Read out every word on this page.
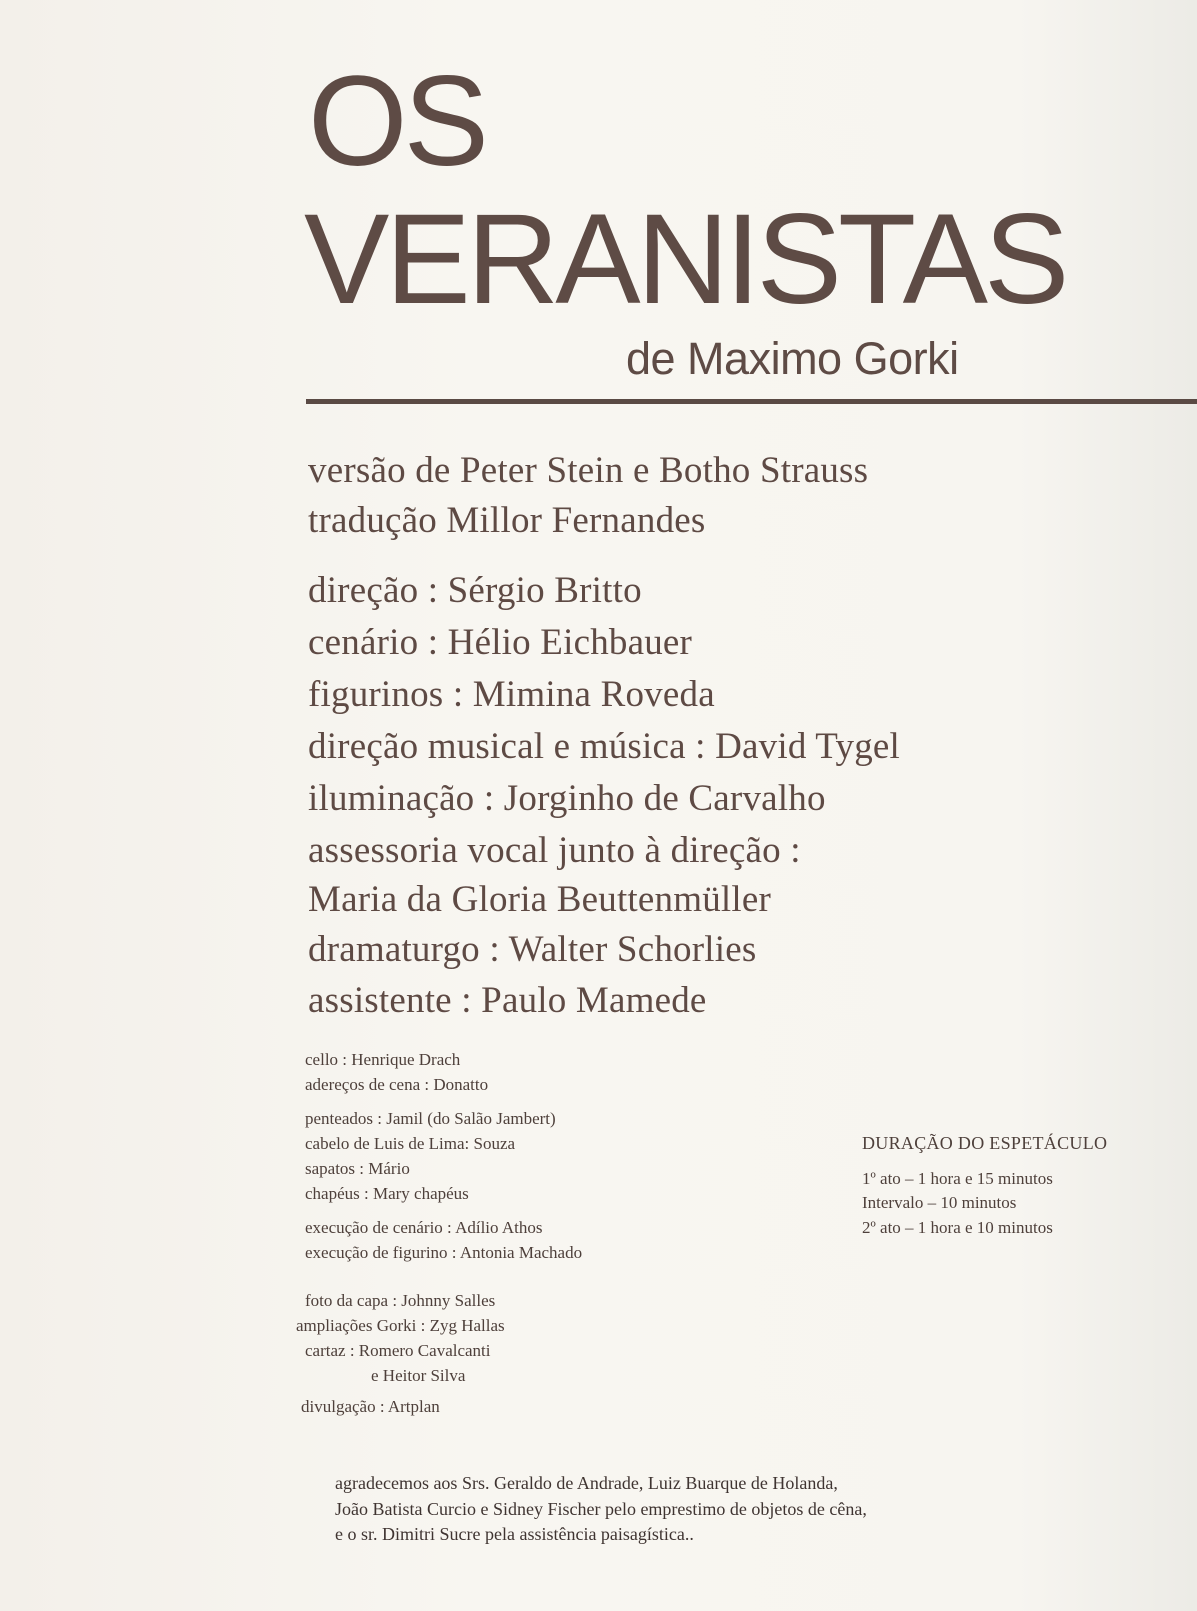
OS
VERANISTAS
de Maximo Gorki
versão de Peter Stein e Botho Strauss
tradução Millor Fernandes
direção : Sérgio Britto
cenário : Hélio Eichbauer
figurinos : Mimina Roveda
direção musical e música : David Tygel
iluminação : Jorginho de Carvalho
assessoria vocal junto à direção :
Maria da Gloria Beuttenmüller
dramaturgo : Walter Schorlies
assistente : Paulo Mamede
cello : Henrique Drach
adereços de cena : Donatto
penteados : Jamil (do Salão Jambert)
cabelo de Luis de Lima: Souza
sapatos : Mário
chapéus : Mary chapéus
execução de cenário : Adílio Athos
execução de figurino : Antonia Machado
foto da capa : Johnny Salles
ampliações Gorki : Zyg Hallas
cartaz : Romero Cavalcanti
e Heitor Silva
divulgação : Artplan
DURAÇÃO DO ESPETÁCULO
1º ato – 1 hora e 15 minutos
Intervalo – 10 minutos
2º ato – 1 hora e 10 minutos
agradecemos aos Srs. Geraldo de Andrade, Luiz Buarque de Holanda,
João Batista Curcio e Sidney Fischer pelo emprestimo de objetos de cêna,
e o sr. Dimitri Sucre pela assistência paisagística..
